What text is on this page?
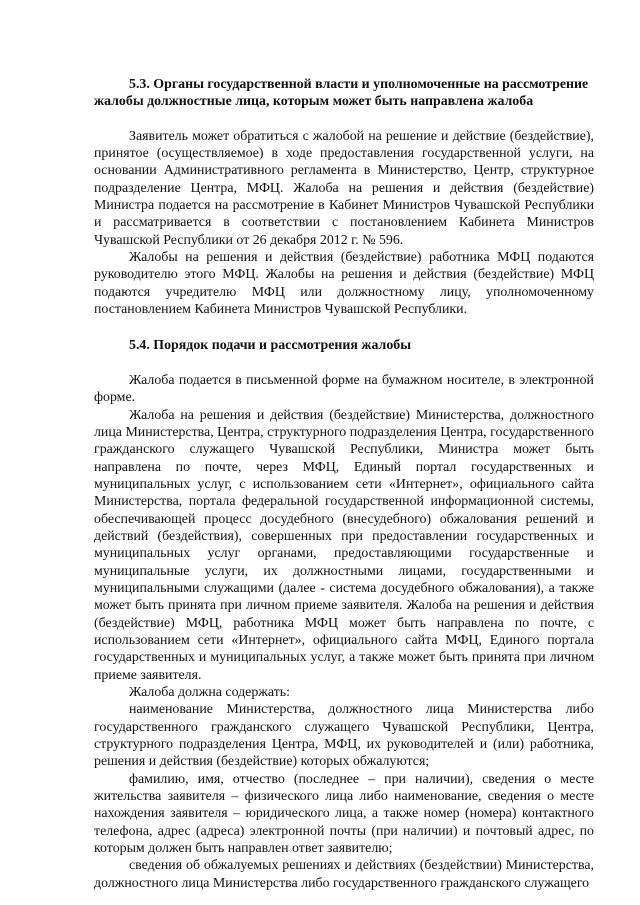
5.3. Органы государственной власти и уполномоченные на рассмотрение жалобы должностные лица, которым может быть направлена жалоба

Заявитель может обратиться с жалобой на решение и действие (бездействие), принятое (осуществляемое) в ходе предоставления государственной услуги, на основании Административного регламента в Министерство, Центр, структурное подразделение Центра, МФЦ. Жалоба на решения и действия (бездействие) Министра подается на рассмотрение в Кабинет Министров Чувашской Республики и рассматривается в соответствии с постановлением Кабинета Министров Чувашской Республики от 26 декабря 2012 г. № 596.

Жалобы на решения и действия (бездействие) работника МФЦ подаются руководителю этого МФЦ. Жалобы на решения и действия (бездействие) МФЦ подаются учредителю МФЦ или должностному лицу, уполномоченному постановлением Кабинета Министров Чувашской Республики.

5.4. Порядок подачи и рассмотрения жалобы

Жалоба подается в письменной форме на бумажном носителе, в электронной форме.

Жалоба на решения и действия (бездействие) Министерства, должностного лица Министерства, Центра, структурного подразделения Центра, государственного гражданского служащего Чувашской Республики, Министра может быть направлена по почте, через МФЦ, Единый портал государственных и муниципальных услуг, с использованием сети «Интернет», официального сайта Министерства, портала федеральной государственной информационной системы, обеспечивающей процесс досудебного (внесудебного) обжалования решений и действий (бездействия), совершенных при предоставлении государственных и муниципальных услуг органами, предоставляющими государственные и муниципальные услуги, их должностными лицами, государственными и муниципальными служащими (далее - система досудебного обжалования), а также может быть принята при личном приеме заявителя. Жалоба на решения и действия (бездействие) МФЦ, работника МФЦ может быть направлена по почте, с использованием сети «Интернет», официального сайта МФЦ, Единого портала государственных и муниципальных услуг, а также может быть принята при личном приеме заявителя.

Жалоба должна содержать:

наименование Министерства, должностного лица Министерства либо государственного гражданского служащего Чувашской Республики, Центра, структурного подразделения Центра, МФЦ, их руководителей и (или) работника, решения и действия (бездействие) которых обжалуются;

фамилию, имя, отчество (последнее – при наличии), сведения о месте жительства заявителя – физического лица либо наименование, сведения о месте нахождения заявителя – юридического лица, а также номер (номера) контактного телефона, адрес (адреса) электронной почты (при наличии) и почтовый адрес, по которым должен быть направлен ответ заявителю;

сведения об обжалуемых решениях и действиях (бездействии) Министерства, должностного лица Министерства либо государственного гражданского служащего
